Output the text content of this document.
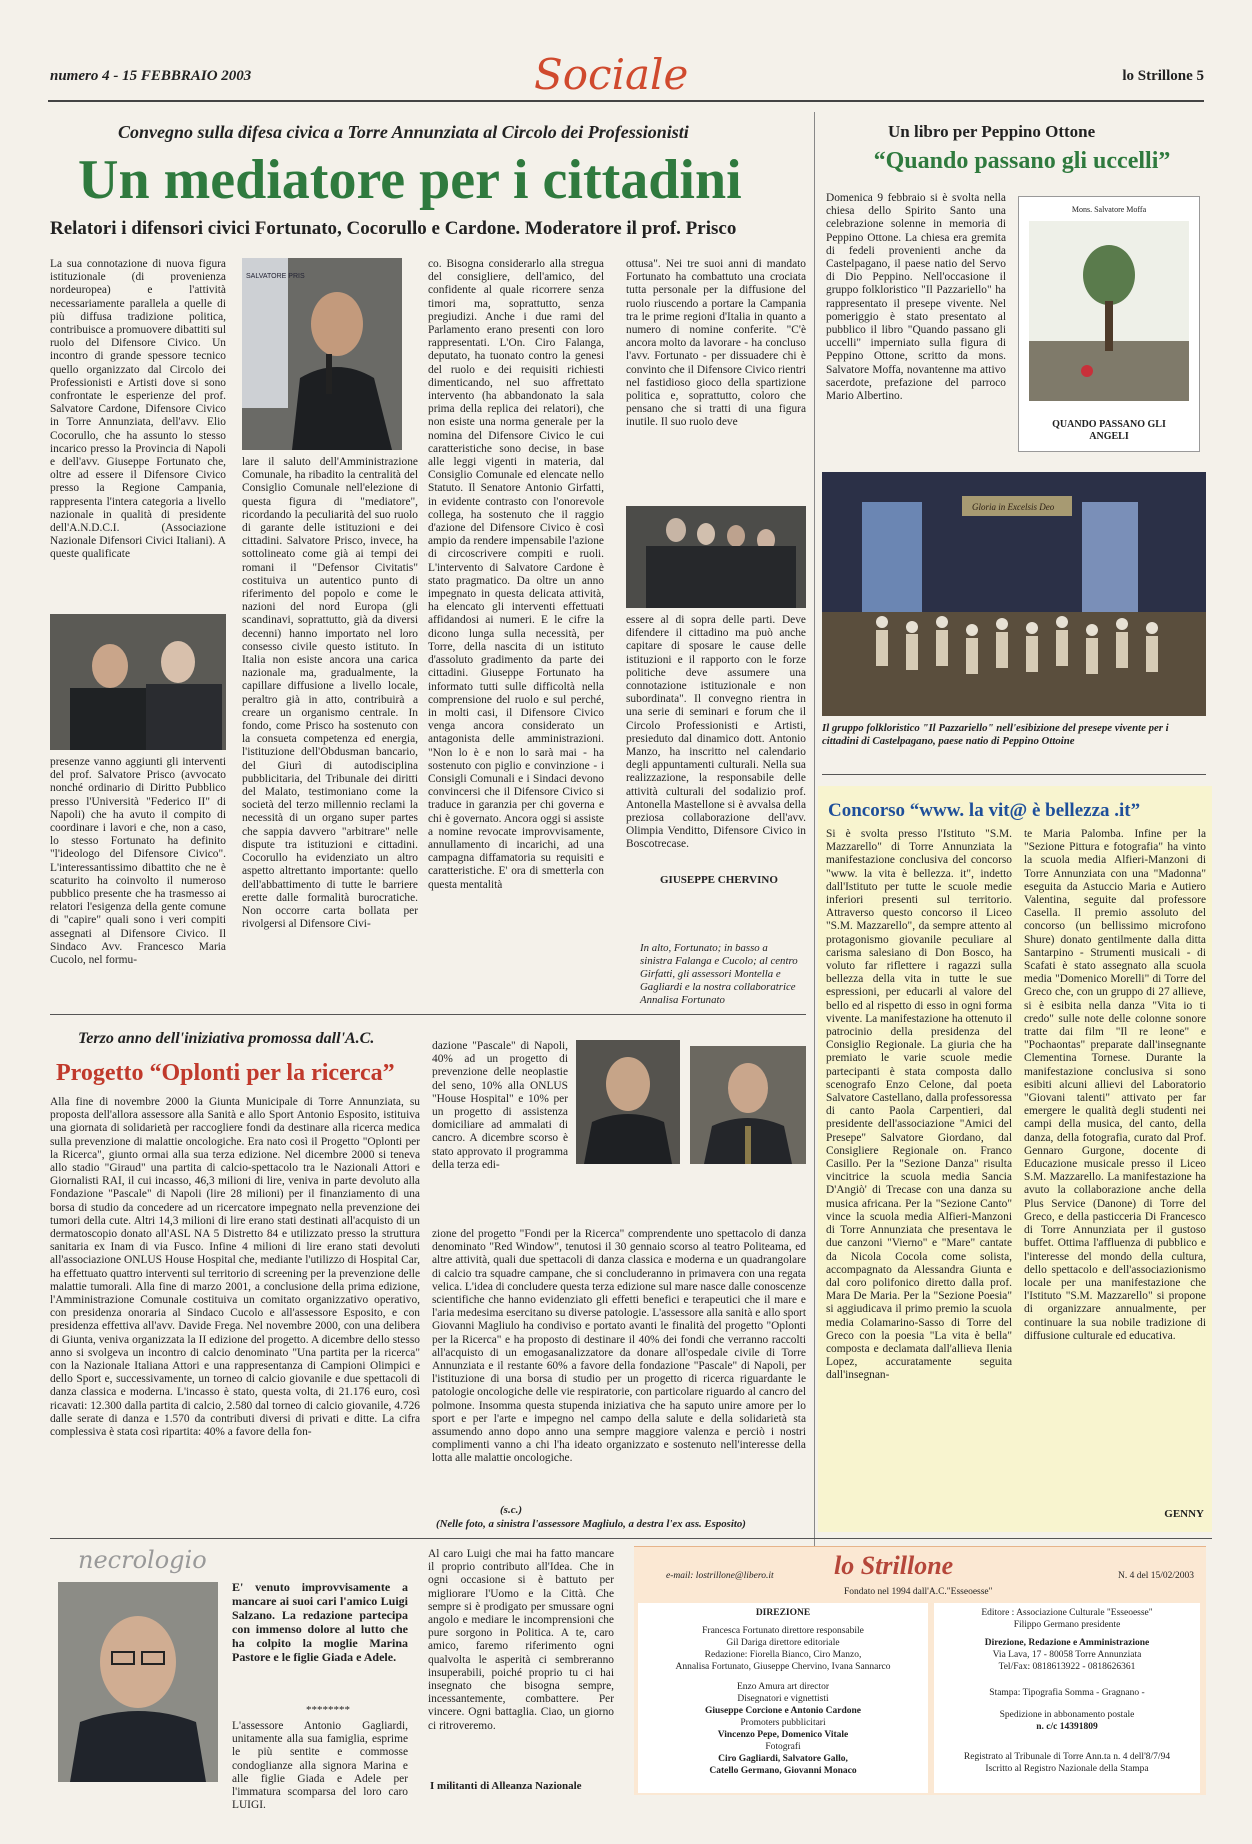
numero 4 - 15 FEBBRAIO 2003	Sociale	lo Strillone 5
Convegno sulla difesa civica a Torre Annunziata al Circolo dei Professionisti
Un mediatore per i cittadini
Relatori i difensori civici Fortunato, Cocorullo e Cardone. Moderatore il prof. Prisco
La sua connotazione di nuova figura istituzionale (di provenienza nordeuropea) e l'attività necessariamente parallela a quelle di più diffusa tradizione politica, contribuisce a promuovere dibattiti sul ruolo del Difensore Civico. Un incontro di grande spessore tecnico quello organizzato dal Circolo dei Professionisti e Artisti dove si sono confrontate le esperienze del prof. Salvatore Cardone, Difensore Civico in Torre Annunziata, dell'avv. Elio Cocorullo, che ha assunto lo stesso incarico presso la Provincia di Napoli e dell'avv. Giuseppe Fortunato che, oltre ad essere il Difensore Civico presso la Regione Campania, rappresenta l'intera categoria a livello nazionale in qualità di presidente dell'A.N.D.C.I. (Associazione Nazionale Difensori Civici Italiani). A queste qualificate
presenze vanno aggiunti gli interventi del prof. Salvatore Prisco (avvocato nonché ordinario di Diritto Pubblico presso l'Università "Federico II" di Napoli) che ha avuto il compito di coordinare i lavori e che, non a caso, lo stesso Fortunato ha definito "l'ideologo del Difensore Civico". L'interessantissimo dibattito che ne è scaturito ha coinvolto il numeroso pubblico presente che ha trasmesso ai relatori l'esigenza della gente comune di "capire" quali sono i veri compiti assegnati al Difensore Civico. Il Sindaco Avv. Francesco Maria Cucolo, nel formu-
SALVATORE PRIS
lare il saluto dell'Amministrazione Comunale, ha ribadito la centralità del Consiglio Comunale nell'elezione di questa figura di "mediatore", ricordando la peculiarità del suo ruolo di garante delle istituzioni e dei cittadini. Salvatore Prisco, invece, ha sottolineato come già ai tempi dei romani il "Defensor Civitatis" costituiva un autentico punto di riferimento del popolo e come le nazioni del nord Europa (gli scandinavi, soprattutto, già da diversi decenni) hanno importato nel loro consesso civile questo istituto. In Italia non esiste ancora una carica nazionale ma, gradualmente, la capillare diffusione a livello locale, peraltro già in atto, contribuirà a creare un organismo centrale. In fondo, come Prisco ha sostenuto con la consueta competenza ed energia, l'istituzione dell'Obdusman bancario, del Giurì di autodisciplina pubblicitaria, del Tribunale dei diritti del Malato, testimoniano come la società del terzo millennio reclami la necessità di un organo super partes che sappia davvero "arbitrare" nelle dispute tra istituzioni e cittadini. Cocorullo ha evidenziato un altro aspetto altrettanto importante: quello dell'abbattimento di tutte le barriere erette dalle formalità burocratiche. Non occorre carta bollata per rivolgersi al Difensore Civi-
co. Bisogna considerarlo alla stregua del consigliere, dell'amico, del confidente al quale ricorrere senza timori ma, soprattutto, senza pregiudizi. Anche i due rami del Parlamento erano presenti con loro rappresentati. L'On. Ciro Falanga, deputato, ha tuonato contro la genesi del ruolo e dei requisiti richiesti dimenticando, nel suo affrettato intervento (ha abbandonato la sala prima della replica dei relatori), che non esiste una norma generale per la nomina del Difensore Civico le cui caratteristiche sono decise, in base alle leggi vigenti in materia, dal Consiglio Comunale ed elencate nello Statuto. Il Senatore Antonio Girfatti, in evidente contrasto con l'onorevole collega, ha sostenuto che il raggio d'azione del Difensore Civico è così ampio da rendere impensabile l'azione di circoscrivere compiti e ruoli. L'intervento di Salvatore Cardone è stato pragmatico. Da oltre un anno impegnato in questa delicata attività, ha elencato gli interventi effettuati affidandosi ai numeri. E le cifre la dicono lunga sulla necessità, per Torre, della nascita di un istituto d'assoluto gradimento da parte dei cittadini. Giuseppe Fortunato ha informato tutti sulle difficoltà nella comprensione del ruolo e sul perché, in molti casi, il Difensore Civico venga ancora considerato un antagonista delle amministrazioni. "Non lo è e non lo sarà mai - ha sostenuto con piglio e convinzione - i Consigli Comunali e i Sindaci devono convincersi che il Difensore Civico si traduce in garanzia per chi governa e chi è governato. Ancora oggi si assiste a nomine revocate improvvisamente, annullamento di incarichi, ad una campagna diffamatoria su requisiti e caratteristiche. E' ora di smetterla con questa mentalità
ottusa". Nei tre suoi anni di mandato Fortunato ha combattuto una crociata tutta personale per la diffusione del ruolo riuscendo a portare la Campania tra le prime regioni d'Italia in quanto a numero di nomine conferite. "C'è ancora molto da lavorare - ha concluso l'avv. Fortunato - per dissuadere chi è convinto che il Difensore Civico rientri nel fastidioso gioco della spartizione politica e, soprattutto, coloro che pensano che si tratti di una figura inutile. Il suo ruolo deve
essere al di sopra delle parti. Deve difendere il cittadino ma può anche capitare di sposare le cause delle istituzioni e il rapporto con le forze politiche deve assumere una connotazione istituzionale e non subordinata". Il convegno rientra in una serie di seminari e forum che il Circolo Professionisti e Artisti, presieduto dal dinamico dott. Antonio Manzo, ha inscritto nel calendario degli appuntamenti culturali. Nella sua realizzazione, la responsabile delle attività culturali del sodalizio prof. Antonella Mastellone si è avvalsa della preziosa collaborazione dell'avv. Olimpia Venditto, Difensore Civico in Boscotrecase.
GIUSEPPE CHERVINO
In alto, Fortunato; in basso a sinistra Falanga e Cucolo; al centro Girfatti, gli assessori Montella e Gagliardi e la nostra collaboratrice Annalisa Fortunato
Un libro per Peppino Ottone
“Quando passano gli uccelli”
Domenica 9 febbraio si è svolta nella chiesa dello Spirito Santo una celebrazione solenne in memoria di Peppino Ottone. La chiesa era gremita di fedeli provenienti anche da Castelpagano, il paese natio del Servo di Dio Peppino. Nell'occasione il gruppo folkloristico "Il Pazzariello" ha rappresentato il presepe vivente. Nel pomeriggio è stato presentato al pubblico il libro "Quando passano gli uccelli" imperniato sulla figura di Peppino Ottone, scritto da mons. Salvatore Moffa, novantenne ma attivo sacerdote, prefazione del parroco Mario Albertino.
Mons. Salvatore Moffa
QUANDO PASSANO GLI ANGELI
Gloria in Excelsis Deo
Il gruppo folkloristico "Il Pazzariello" nell'esibizione del presepe vivente per i cittadini di Castelpagano, paese natio di Peppino Ottoine
Concorso “www. la vit@ è bellezza .it”
Si è svolta presso l'Istituto "S.M. Mazzarello" di Torre Annunziata la manifestazione conclusiva del concorso "www. la vita è bellezza. it", indetto dall'Istituto per tutte le scuole medie inferiori presenti sul territorio. Attraverso questo concorso il Liceo "S.M. Mazzarello", da sempre attento al protagonismo giovanile peculiare al carisma salesiano di Don Bosco, ha voluto far riflettere i ragazzi sulla bellezza della vita in tutte le sue espressioni, per educarli al valore del bello ed al rispetto di esso in ogni forma vivente. La manifestazione ha ottenuto il patrocinio della presidenza del Consiglio Regionale. La giuria che ha premiato le varie scuole medie partecipanti è stata composta dallo scenografo Enzo Celone, dal poeta Salvatore Castellano, dalla professoressa di canto Paola Carpentieri, dal presidente dell'associazione "Amici del Presepe" Salvatore Giordano, dal Consigliere Regionale on. Franco Casillo. Per la "Sezione Danza" risulta vincitrice la scuola media Sancia D'Angiò' di Trecase con una danza su musica africana. Per la "Sezione Canto" vince la scuola media Alfieri-Manzoni di Torre Annunziata che presentava le due canzoni "Vierno" e "Mare" cantate da Nicola Cocola come solista, accompagnato da Alessandra Giunta e dal coro polifonico diretto dalla prof. Mara De Maria. Per la "Sezione Poesia" si aggiudicava il primo premio la scuola media Colamarino-Sasso di Torre del Greco con la poesia "La vita è bella" composta e declamata dall'allieva Ilenia Lopez, accuratamente seguita dall'insegnan-
te Maria Palomba. Infine per la "Sezione Pittura e fotografia" ha vinto la scuola media Alfieri-Manzoni di Torre Annunziata con una "Madonna" eseguita da Astuccio Maria e Autiero Valentina, seguite dal professore Casella. Il premio assoluto del concorso (un bellissimo microfono Shure) donato gentilmente dalla ditta Santarpino - Strumenti musicali - di Scafati è stato assegnato alla scuola media "Domenico Morelli" di Torre del Greco che, con un gruppo di 27 allieve, si è esibita nella danza "Vita io ti credo" sulle note delle colonne sonore tratte dai film "Il re leone" e "Pochaontas" preparate dall'insegnante Clementina Tornese. Durante la manifestazione conclusiva si sono esibiti alcuni allievi del Laboratorio "Giovani talenti" attivato per far emergere le qualità degli studenti nei campi della musica, del canto, della danza, della fotografia, curato dal Prof. Gennaro Gurgone, docente di Educazione musicale presso il Liceo S.M. Mazzarello. La manifestazione ha avuto la collaborazione anche della Plus Service (Danone) di Torre del Greco, e della pasticceria Di Francesco di Torre Annunziata per il gustoso buffet. Ottima l'affluenza di pubblico e l'interesse del mondo della cultura, dello spettacolo e dell'associazionismo locale per una manifestazione che l'Istituto "S.M. Mazzarello" si propone di organizzare annualmente, per continuare la sua nobile tradizione di diffusione culturale ed educativa.
GENNY
Terzo anno dell'iniziativa promossa dall'A.C.
Progetto “Oplonti per la ricerca”
Alla fine di novembre 2000 la Giunta Municipale di Torre Annunziata, su proposta dell'allora assessore alla Sanità e allo Sport Antonio Esposito, istituiva una giornata di solidarietà per raccogliere fondi da destinare alla ricerca medica sulla prevenzione di malattie oncologiche. Era nato così il Progetto "Oplonti per la Ricerca", giunto ormai alla sua terza edizione. Nel dicembre 2000 si teneva allo stadio "Giraud" una partita di calcio-spettacolo tra le Nazionali Attori e Giornalisti RAI, il cui incasso, 46,3 milioni di lire, veniva in parte devoluto alla Fondazione "Pascale" di Napoli (lire 28 milioni) per il finanziamento di una borsa di studio da concedere ad un ricercatore impegnato nella prevenzione dei tumori della cute. Altri 14,3 milioni di lire erano stati destinati all'acquisto di un dermatoscopio donato all'ASL NA 5 Distretto 84 e utilizzato presso la struttura sanitaria ex Inam di via Fusco. Infine 4 milioni di lire erano stati devoluti all'associazione ONLUS House Hospital che, mediante l'utilizzo di Hospital Car, ha effettuato quattro interventi sul territorio di screening per la prevenzione delle malattie tumorali. Alla fine di marzo 2001, a conclusione della prima edizione, l'Amministrazione Comunale costituiva un comitato organizzativo operativo, con presidenza onoraria al Sindaco Cucolo e all'assessore Esposito, e con presidenza effettiva all'avv. Davide Frega. Nel novembre 2000, con una delibera di Giunta, veniva organizzata la II edizione del progetto. A dicembre dello stesso anno si svolgeva un incontro di calcio denominato "Una partita per la ricerca" con la Nazionale Italiana Attori e una rappresentanza di Campioni Olimpici e dello Sport e, successivamente, un torneo di calcio giovanile e due spettacoli di danza classica e moderna. L'incasso è stato, questa volta, di 21.176 euro, così ricavati: 12.300 dalla partita di calcio, 2.580 dal torneo di calcio giovanile, 4.726 dalle serate di danza e 1.570 da contributi diversi di privati e ditte. La cifra complessiva è stata così ripartita: 40% a favore della fon-
dazione "Pascale" di Napoli, 40% ad un progetto di prevenzione delle neoplastie del seno, 10% alla ONLUS "House Hospital" e 10% per un progetto di assistenza domiciliare ad ammalati di cancro. A dicembre scorso è stato approvato il programma della terza edi-
zione del progetto "Fondi per la Ricerca" comprendente uno spettacolo di danza denominato "Red Window", tenutosi il 30 gennaio scorso al teatro Politeama, ed altre attività, quali due spettacoli di danza classica e moderna e un quadrangolare di calcio tra squadre campane, che si concluderanno in primavera con una regata velica. L'idea di concludere questa terza edizione sul mare nasce dalle conoscenze scientifiche che hanno evidenziato gli effetti benefici e terapeutici che il mare e l'aria medesima esercitano su diverse patologie. L'assessore alla sanità e allo sport Giovanni Magliulo ha condiviso e portato avanti le finalità del progetto "Oplonti per la Ricerca" e ha proposto di destinare il 40% dei fondi che verranno raccolti all'acquisto di un emogasanalizzatore da donare all'ospedale civile di Torre Annunziata e il restante 60% a favore della fondazione "Pascale" di Napoli, per l'istituzione di una borsa di studio per un progetto di ricerca riguardante le patologie oncologiche delle vie respiratorie, con particolare riguardo al cancro del polmone. Insomma questa stupenda iniziativa che ha saputo unire amore per lo sport e per l'arte e impegno nel campo della salute e della solidarietà sta assumendo anno dopo anno una sempre maggiore valenza e perciò i nostri complimenti vanno a chi l'ha ideato organizzato e sostenuto nell'interesse della lotta alle malattie oncologiche.
(s.c.)
(Nelle foto, a sinistra l'assessore Magliulo, a destra l'ex ass. Esposito)
necrologio
E' venuto improvvisamente a mancare ai suoi cari l'amico Luigi Salzano. La redazione partecipa con immenso dolore al lutto che ha colpito la moglie Marina Pastore e le figlie Giada e Adele.
********
L'assessore Antonio Gagliardi, unitamente alla sua famiglia, esprime le più sentite e commosse condoglianze alla signora Marina e alle figlie Giada e Adele per l'immatura scomparsa del loro caro LUIGI.
Al caro Luigi che mai ha fatto mancare il proprio contributo all'Idea. Che in ogni occasione si è battuto per migliorare l'Uomo e la Città. Che sempre si è prodigato per smussare ogni angolo e mediare le incomprensioni che pure sorgono in Politica. A te, caro amico, faremo riferimento ogni qualvolta le asperità ci sembreranno insuperabili, poiché proprio tu ci hai insegnato che bisogna sempre, incessantemente, combattere. Per vincere. Ogni battaglia. Ciao, un giorno ci ritroveremo.
I militanti di Alleanza Nazionale
e-mail: lostrillone@libero.it lo Strillone	N. 4 del 15/02/2003
Fondato nel 1994 dall'A.C."Esseoesse"
DIREZIONE
Francesca Fortunato direttore responsabile
Gil Dariga direttore editoriale
Redazione: Fiorella Bianco, Ciro Manzo,
Annalisa Fortunato, Giuseppe Chervino, Ivana Sannarco
Enzo Amura art director
Disegnatori e vignettisti
Giuseppe Corcione e Antonio Cardone
Promoters pubblicitari
Vincenzo Pepe, Domenico Vitale
Fotografi
Ciro Gagliardi, Salvatore Gallo,
Catello Germano, Giovanni Monaco
Editore : Associazione Culturale "Esseoesse"
Filippo Germano presidente
Direzione, Redazione e Amministrazione
Via Lava, 17 - 80058 Torre Annunziata
Tel/Fax: 0818613922 - 0818626361
Stampa: Tipografia Somma - Gragnano -
Spedizione in abbonamento postale
n. c/c 14391809
Registrato al Tribunale di Torre Ann.ta n. 4 dell'8/7/94
Iscritto al Registro Nazionale della Stampa
